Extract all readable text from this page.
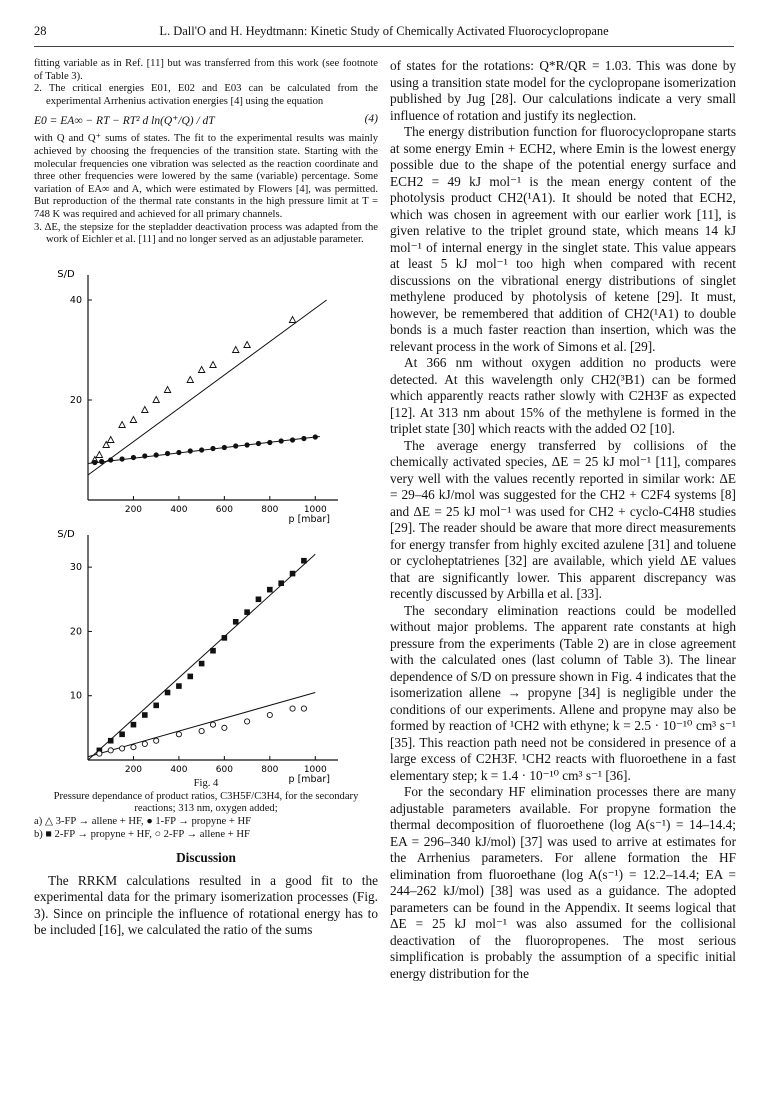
28	L. Dall'O and H. Heydtmann: Kinetic Study of Chemically Activated Fluorocyclopropane

fitting variable as in Ref. [11] but was transferred from this work (see footnote of Table 3).

2. The critical energies E01, E02 and E03 can be calculated from the experimental Arrhenius activation energies [4] using the equation

E0 = EA∞ − RT − RT² d ln(Q⁺/Q) / dT	(4)

with Q and Q⁺ sums of states. The fit to the experimental results was mainly achieved by choosing the frequencies of the transition state. Starting with the molecular frequencies one vibration was selected as the reaction coordinate and three other frequencies were lowered by the same (variable) percentage. Some variation of EA∞ and A, which were estimated by Flowers [4], was permitted. But reproduction of the thermal rate constants in the high pressure limit at T = 748 K was required and achieved for all primary channels.

3. ΔE, the stepsize for the stepladder deactivation process was adapted from the work of Eichler et al. [11] and no longer served as an adjustable parameter.

S/D
p [mbar]
200	400	600	800	1000
20
40
S/D
p [mbar]
200	400	600	800	1000
10
20
30
Fig. 4
Pressure dependance of product ratios, C3H5F/C3H4, for the secondary reactions; 313 nm, oxygen added;
a) △ 3-FP → allene + HF, ● 1-FP → propyne + HF
b) ■ 2-FP → propyne + HF, ○ 2-FP → allene + HF
Discussion

The RRKM calculations resulted in a good fit to the experimental data for the primary isomerization processes (Fig. 3). Since on principle the influence of rotational energy has to be included [16], we calculated the ratio of the sums

of states for the rotations: Q*R/QR = 1.03. This was done by using a transition state model for the cyclopropane isomerization published by Jug [28]. Our calculations indicate a very small influence of rotation and justify its neglection.

The energy distribution function for fluorocyclopropane starts at some energy Emin + ECH2, where Emin is the lowest energy possible due to the shape of the potential energy surface and ECH2 = 49 kJ mol⁻¹ is the mean energy content of the photolysis product CH2(¹A1). It should be noted that ECH2, which was chosen in agreement with our earlier work [11], is given relative to the triplet ground state, which means 14 kJ mol⁻¹ of internal energy in the singlet state. This value appears at least 5 kJ mol⁻¹ too high when compared with recent discussions on the vibrational energy distributions of singlet methylene produced by photolysis of ketene [29]. It must, however, be remembered that addition of CH2(¹A1) to double bonds is a much faster reaction than insertion, which was the relevant process in the work of Simons et al. [29].

At 366 nm without oxygen addition no products were detected. At this wavelength only CH2(³B1) can be formed which apparently reacts rather slowly with C2H3F as expected [12]. At 313 nm about 15% of the methylene is formed in the triplet state [30] which reacts with the added O2 [10].

The average energy transferred by collisions of the chemically activated species, ΔE = 25 kJ mol⁻¹ [11], compares very well with the values recently reported in similar work: ΔE = 29–46 kJ/mol was suggested for the CH2 + C2F4 systems [8] and ΔE = 25 kJ mol⁻¹ was used for CH2 + cyclo-C4H8 studies [29]. The reader should be aware that more direct measurements for energy transfer from highly excited azulene [31] and toluene or cycloheptatrienes [32] are available, which yield ΔE values that are significantly lower. This apparent discrepancy was recently discussed by Arbilla et al. [33].

The secondary elimination reactions could be modelled without major problems. The apparent rate constants at high pressure from the experiments (Table 2) are in close agreement with the calculated ones (last column of Table 3). The linear dependence of S/D on pressure shown in Fig. 4 indicates that the isomerization allene → propyne [34] is negligible under the conditions of our experiments. Allene and propyne may also be formed by reaction of ¹CH2 with ethyne; k = 2.5 · 10⁻¹⁰ cm³ s⁻¹ [35]. This reaction path need not be considered in presence of a large excess of C2H3F. ¹CH2 reacts with fluoroethene in a fast elementary step; k = 1.4 · 10⁻¹⁰ cm³ s⁻¹ [36].

For the secondary HF elimination processes there are many adjustable parameters available. For propyne formation the thermal decomposition of fluoroethene (log A(s⁻¹) = 14–14.4; EA = 296–340 kJ/mol) [37] was used to arrive at estimates for the Arrhenius parameters. For allene formation the HF elimination from fluoroethane (log A(s⁻¹) = 12.2–14.4; EA = 244–262 kJ/mol) [38] was used as a guidance. The adopted parameters can be found in the Appendix. It seems logical that ΔE = 25 kJ mol⁻¹ was also assumed for the collisional deactivation of the fluoropropenes. The most serious simplification is probably the assumption of a specific initial energy distribution for the
